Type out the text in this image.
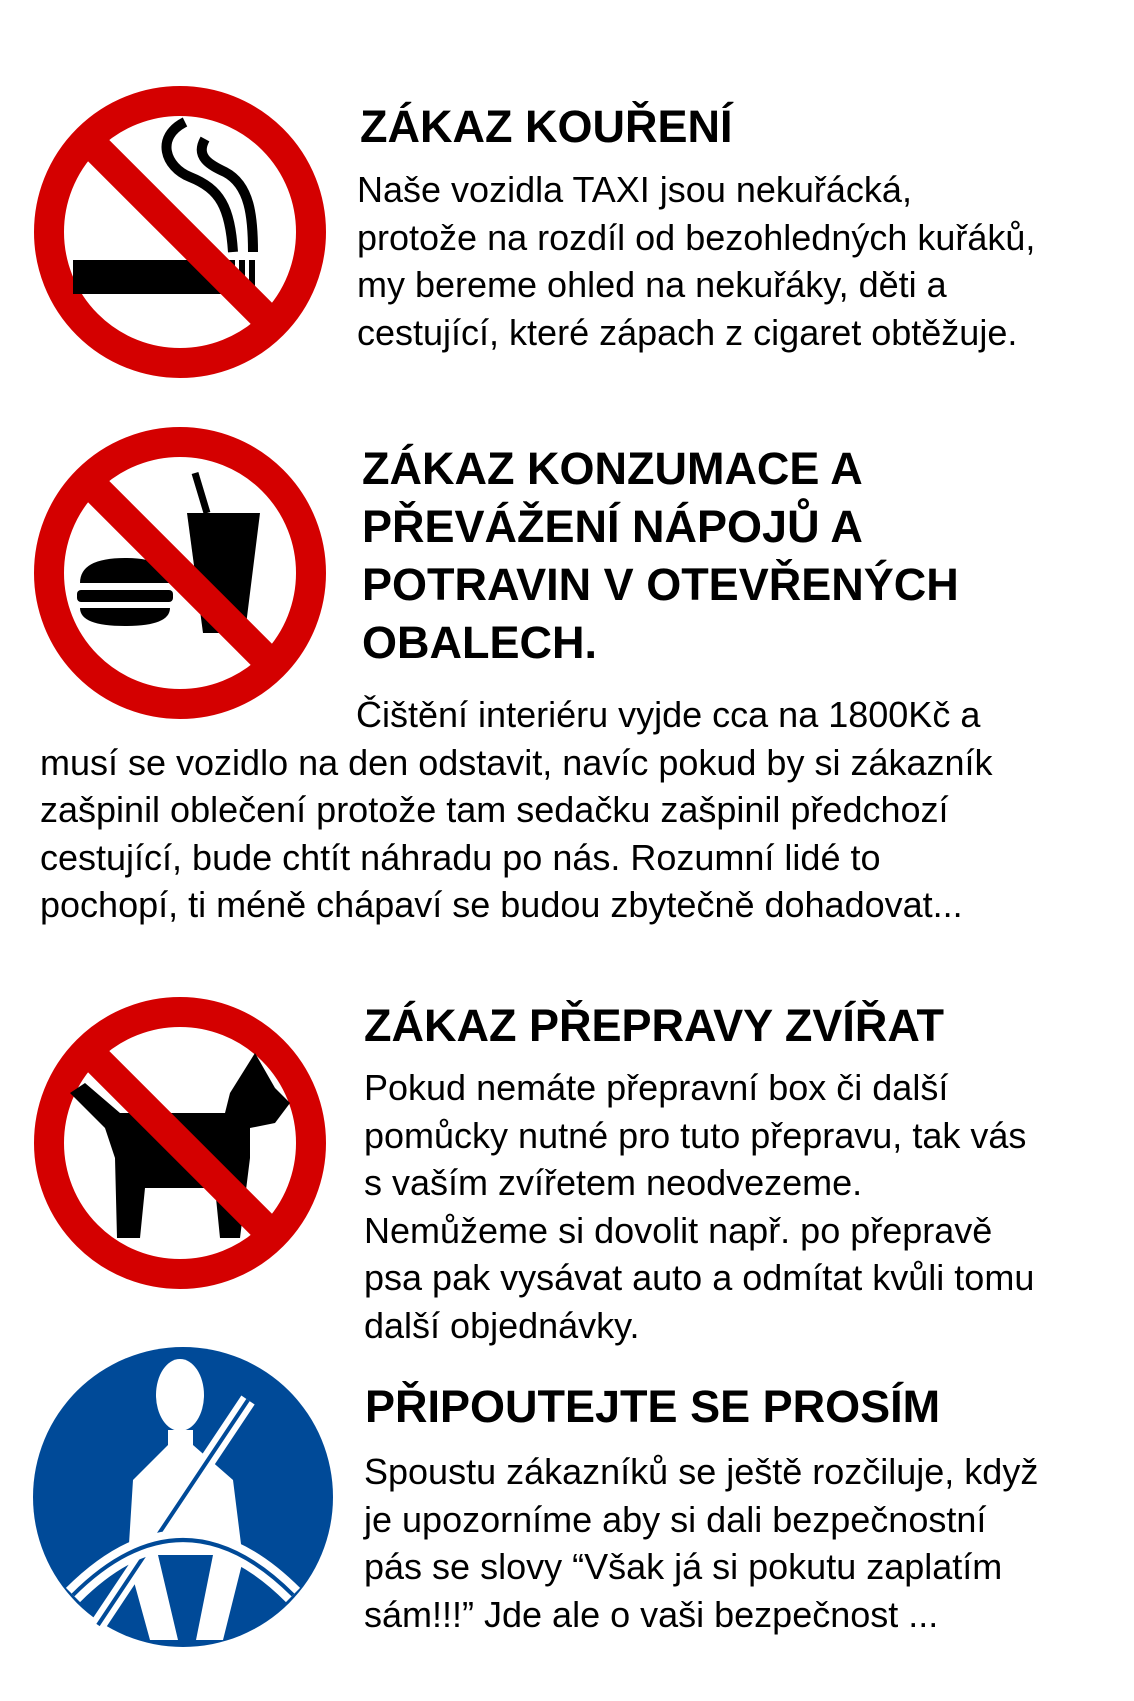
ZÁKAZ KOUŘENÍ

Naše vozidla TAXI jsou nekuřácká,
protože na rozdíl od bezohledných kuřáků,
my bereme ohled na nekuřáky, děti a
cestující, které zápach z cigaret obtěžuje.

ZÁKAZ KONZUMACE A
PŘEVÁŽENÍ NÁPOJŮ A
POTRAVIN V OTEVŘENÝCH
OBALECH.

Čištění interiéru vyjde cca na 1800Kč a
musí se vozidlo na den odstavit, navíc pokud by si zákazník
zašpinil oblečení protože tam sedačku zašpinil předchozí
cestující, bude chtít náhradu po nás. Rozumní lidé to
pochopí, ti méně chápaví se budou zbytečně dohadovat...

ZÁKAZ PŘEPRAVY ZVÍŘAT

Pokud nemáte přepravní box či další
pomůcky nutné pro tuto přepravu, tak vás
s vaším zvířetem neodvezeme.
Nemůžeme si dovolit např. po přepravě
psa pak vysávat auto a odmítat kvůli tomu
další objednávky.

PŘIPOUTEJTE SE PROSÍM

Spoustu zákazníků se ještě rozčiluje, když
je upozorníme aby si dali bezpečnostní
pás se slovy “Však já si pokutu zaplatím
sám!!!” Jde ale o vaši bezpečnost ...
